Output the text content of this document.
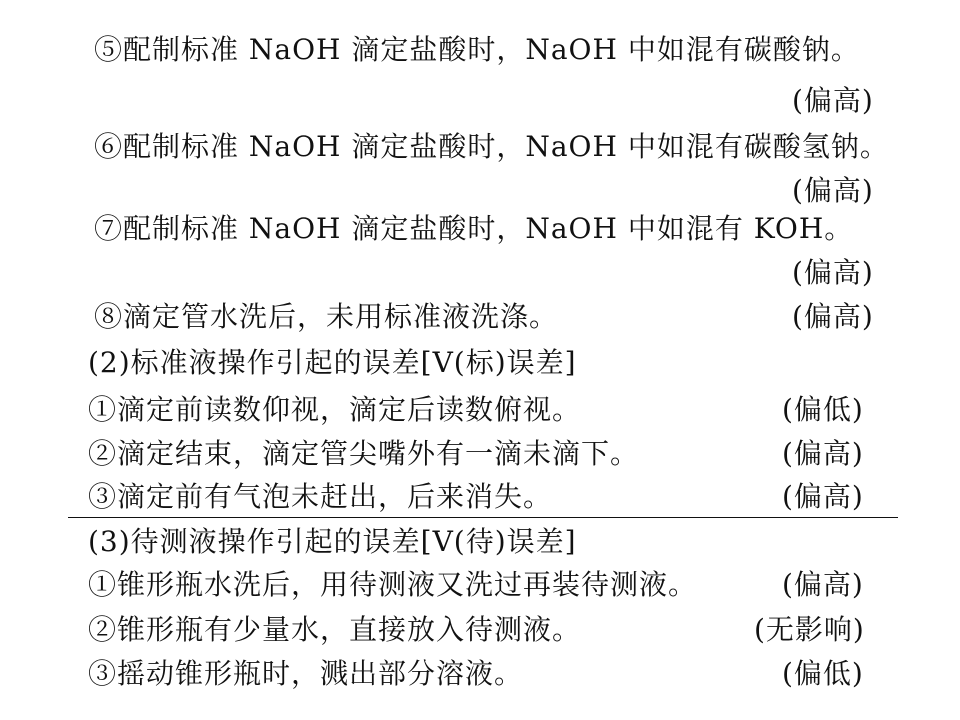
⑤配制标准 NaOH 滴定盐酸时，NaOH 中如混有碳酸钠。
(偏高)
⑥配制标准 NaOH 滴定盐酸时，NaOH 中如混有碳酸氢钠。
(偏高)
⑦配制标准 NaOH 滴定盐酸时，NaOH 中如混有 KOH。
(偏高)
⑧滴定管水洗后，未用标准液洗涤。	(偏高)
(2)标准液操作引起的误差[V(标)误差]
①滴定前读数仰视，滴定后读数俯视。	(偏低)
②滴定结束，滴定管尖嘴外有一滴未滴下。	(偏高)
③滴定前有气泡未赶出，后来消失。	(偏高)
(3)待测液操作引起的误差[V(待)误差]
①锥形瓶水洗后，用待测液又洗过再装待测液。	(偏高)
②锥形瓶有少量水，直接放入待测液。	(无影响)
③摇动锥形瓶时，溅出部分溶液。	(偏低)
